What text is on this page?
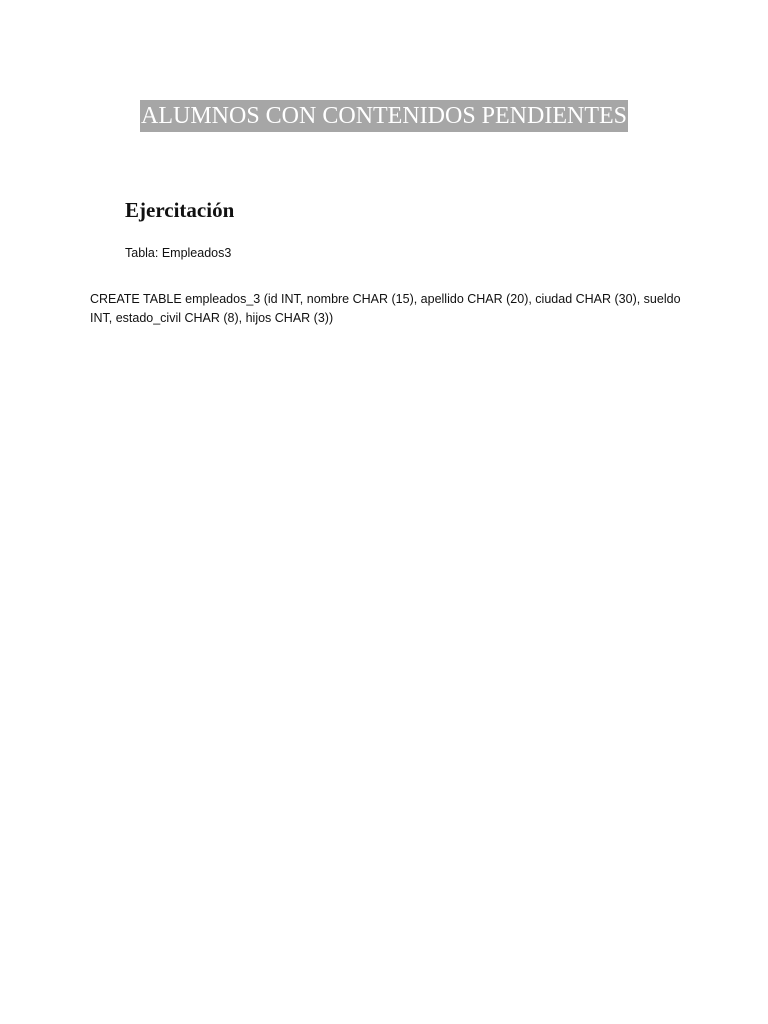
ALUMNOS CON CONTENIDOS PENDIENTES
Ejercitación

Tabla: Empleados3

CREATE TABLE empleados_3 (id INT, nombre CHAR (15), apellido CHAR (20), ciudad CHAR (30), sueldo INT, estado_civil CHAR (8), hijos CHAR (3))
